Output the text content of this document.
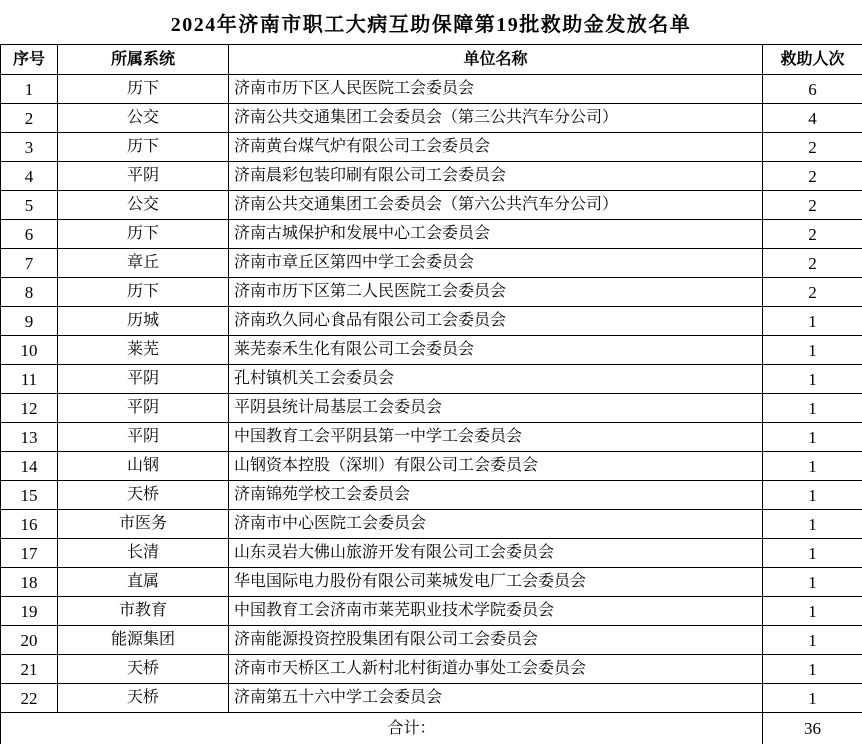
2024年济南市职工大病互助保障第19批救助金发放名单
序号	所属系统	单位名称	救助人次
1	历下	济南市历下区人民医院工会委员会	6
2	公交	济南公共交通集团工会委员会（第三公共汽车分公司）	4
3	历下	济南黄台煤气炉有限公司工会委员会	2
4	平阴	济南晨彩包装印刷有限公司工会委员会	2
5	公交	济南公共交通集团工会委员会（第六公共汽车分公司）	2
6	历下	济南古城保护和发展中心工会委员会	2
7	章丘	济南市章丘区第四中学工会委员会	2
8	历下	济南市历下区第二人民医院工会委员会	2
9	历城	济南玖久同心食品有限公司工会委员会	1
10	莱芜	莱芜泰禾生化有限公司工会委员会	1
11	平阴	孔村镇机关工会委员会	1
12	平阴	平阴县统计局基层工会委员会	1
13	平阴	中国教育工会平阴县第一中学工会委员会	1
14	山钢	山钢资本控股（深圳）有限公司工会委员会	1
15	天桥	济南锦苑学校工会委员会	1
16	市医务	济南市中心医院工会委员会	1
17	长清	山东灵岩大佛山旅游开发有限公司工会委员会	1
18	直属	华电国际电力股份有限公司莱城发电厂工会委员会	1
19	市教育	中国教育工会济南市莱芜职业技术学院委员会	1
20	能源集团	济南能源投资控股集团有限公司工会委员会	1
21	天桥	济南市天桥区工人新村北村街道办事处工会委员会	1
22	天桥	济南第五十六中学工会委员会	1
合计：			36
